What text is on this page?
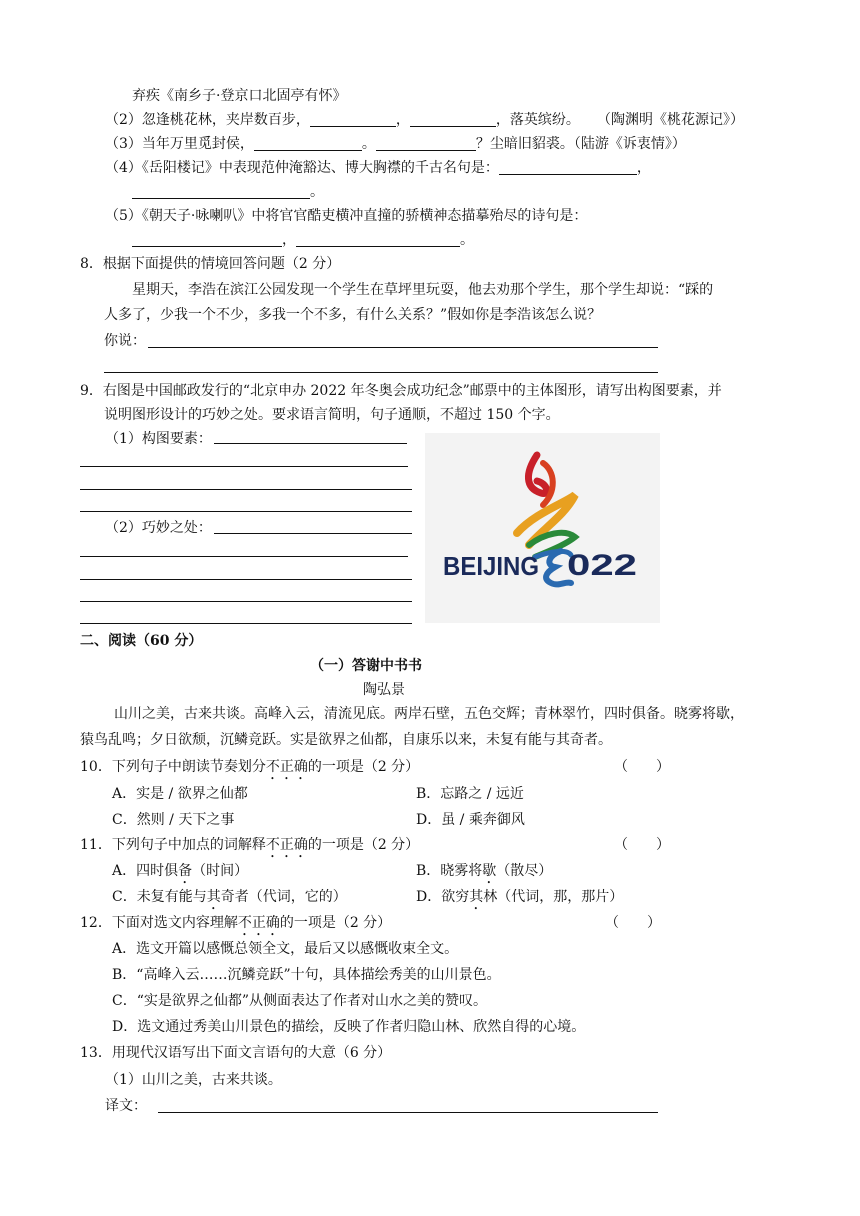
弃疾《南乡子·登京口北固亭有怀》
（2）忽逢桃花林，夹岸数百步，	，	，落英缤纷。 （陶渊明《桃花源记》）
（3）当年万里觅封侯，	。	？尘暗旧貂裘。（陆游《诉衷情》）
（4）《岳阳楼记》中表现范仲淹豁达、博大胸襟的千古名句是：	，
。
（5）《朝天子·咏喇叭》中将官官酷吏横冲直撞的骄横神态描摹殆尽的诗句是：
，	。
8．根据下面提供的情境回答问题（2 分）
星期天，李浩在滨江公园发现一个学生在草坪里玩耍，他去劝那个学生，那个学生却说：“踩的
人多了，少我一个不少，多我一个不多，有什么关系？”假如你是李浩该怎么说？
你说：
9．右图是中国邮政发行的“北京申办 2022 年冬奥会成功纪念”邮票中的主体图形，请写出构图要素，并
说明图形设计的巧妙之处。要求语言简明，句子通顺，不超过 150 个字。
（1）构图要素：
（2）巧妙之处：
BEIJING 022
二、阅读（60 分）
（一）答谢中书书
陶弘景
山川之美，古来共谈。高峰入云，清流见底。两岸石壁，五色交辉；青林翠竹，四时俱备。晓雾将歇，
猿鸟乱鸣；夕日欲颓，沉鳞竞跃。实是欲界之仙都，自康乐以来，未复有能与其奇者。
10．下列句子中朗读节奏划分不正确的一项是（2 分）	（　　）
A．实是 / 欲界之仙都	B．忘路之 / 远近
C．然则 / 天下之事	D．虽 / 乘奔御风
11．下列句子中加点的词解释不正确的一项是（2 分）	（　　）
A．四时俱备（时间）	B．晓雾将歇（散尽）
C．未复有能与其奇者（代词，它的）	D．欲穷其林（代词，那，那片）
12．下面对选文内容理解不正确的一项是（2 分）	（　　）
A．选文开篇以感慨总领全文，最后又以感慨收束全文。
B．“高峰入云……沉鳞竞跃”十句，具体描绘秀美的山川景色。
C．“实是欲界之仙都”从侧面表达了作者对山水之美的赞叹。
D．选文通过秀美山川景色的描绘，反映了作者归隐山林、欣然自得的心境。
13．用现代汉语写出下面文言语句的大意（6 分）
（1）山川之美，古来共谈。
译文：
